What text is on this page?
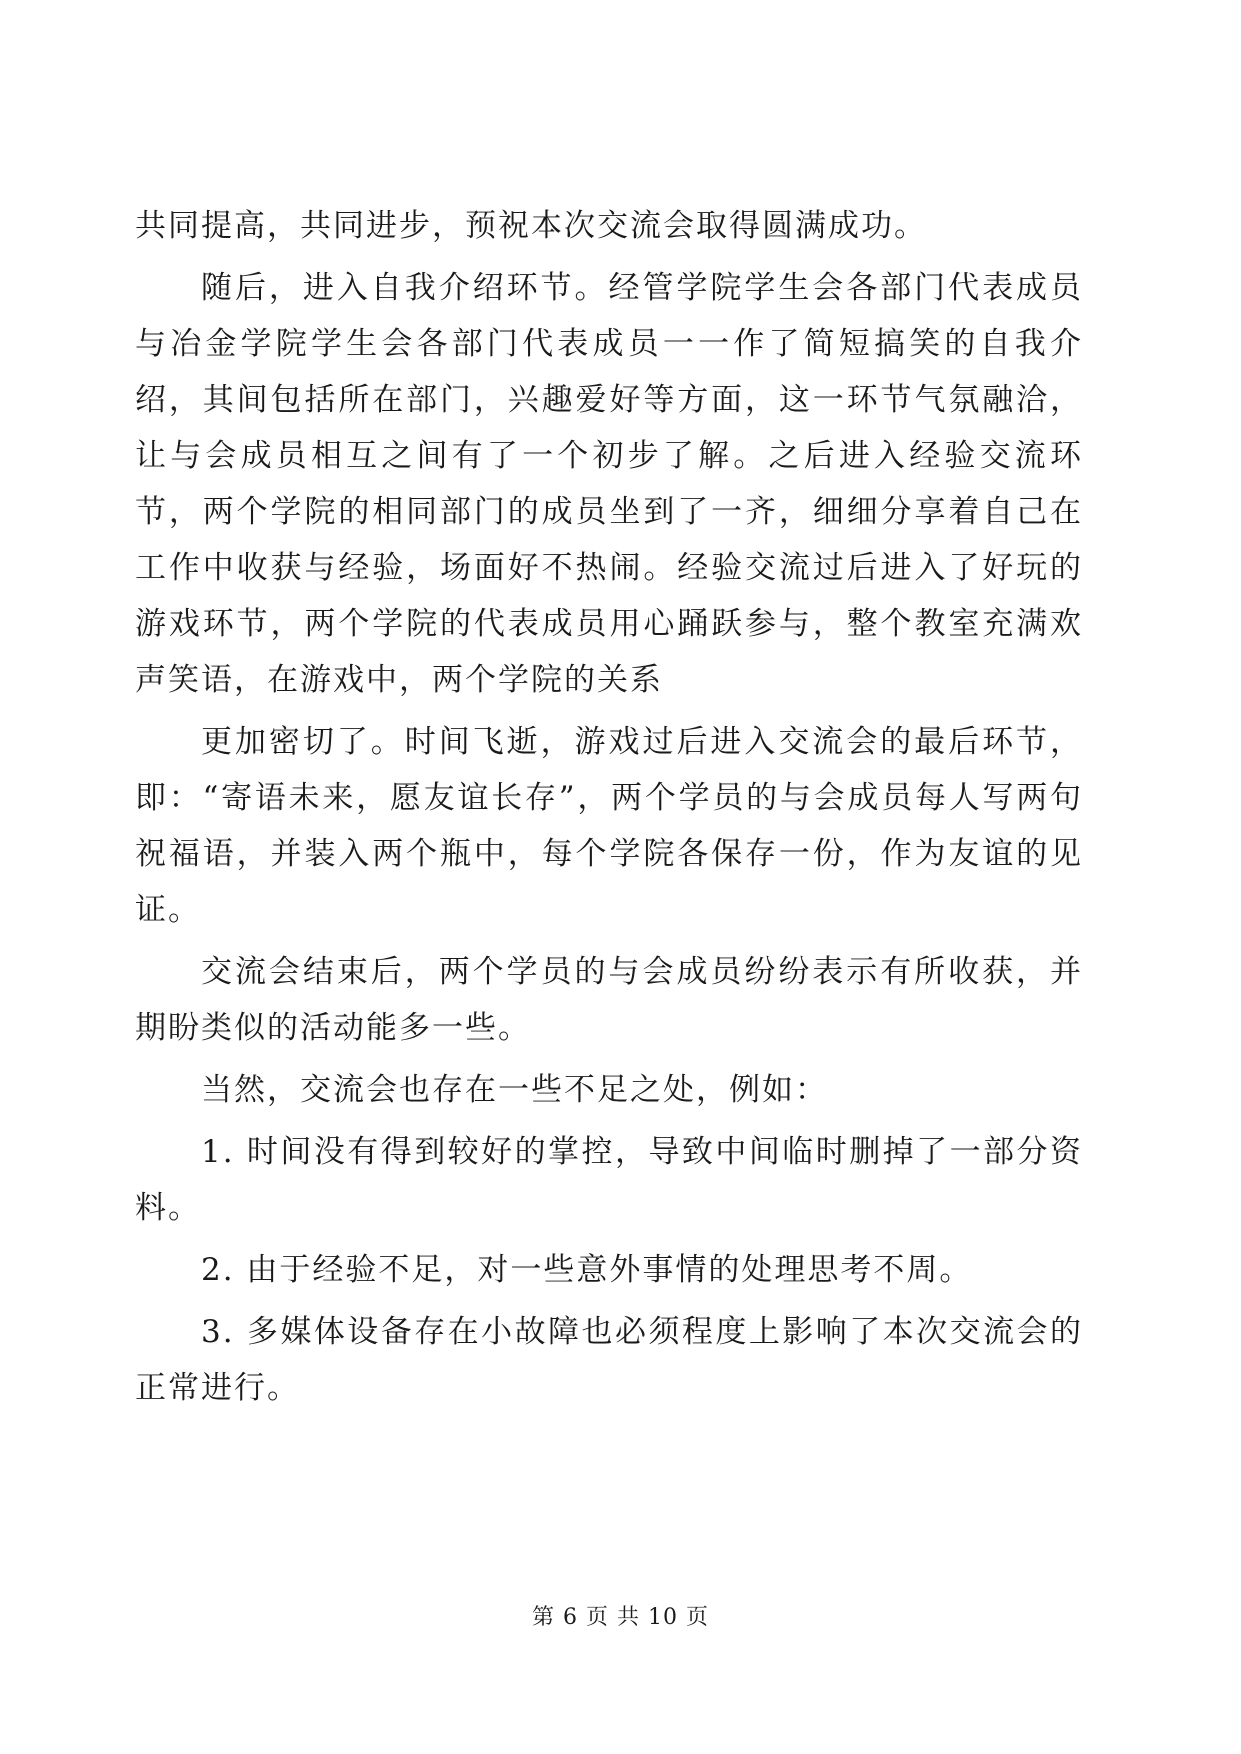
共同提高，共同进步，预祝本次交流会取得圆满成功。

随后，进入自我介绍环节。经管学院学生会各部门代表成员与冶金学院学生会各部门代表成员一一作了简短搞笑的自我介绍，其间包括所在部门，兴趣爱好等方面，这一环节气氛融洽，让与会成员相互之间有了一个初步了解。之后进入经验交流环节，两个学院的相同部门的成员坐到了一齐，细细分享着自己在工作中收获与经验，场面好不热闹。经验交流过后进入了好玩的游戏环节，两个学院的代表成员用心踊跃参与，整个教室充满欢声笑语，在游戏中，两个学院的关系

更加密切了。时间飞逝，游戏过后进入交流会的最后环节，即：“寄语未来，愿友谊长存”，两个学员的与会成员每人写两句祝福语，并装入两个瓶中，每个学院各保存一份，作为友谊的见证。

交流会结束后，两个学员的与会成员纷纷表示有所收获，并期盼类似的活动能多一些。

当然，交流会也存在一些不足之处，例如：

1. 时间没有得到较好的掌控，导致中间临时删掉了一部分资料。

2. 由于经验不足，对一些意外事情的处理思考不周。

3. 多媒体设备存在小故障也必须程度上影响了本次交流会的正常进行。

第 6 页 共 10 页
